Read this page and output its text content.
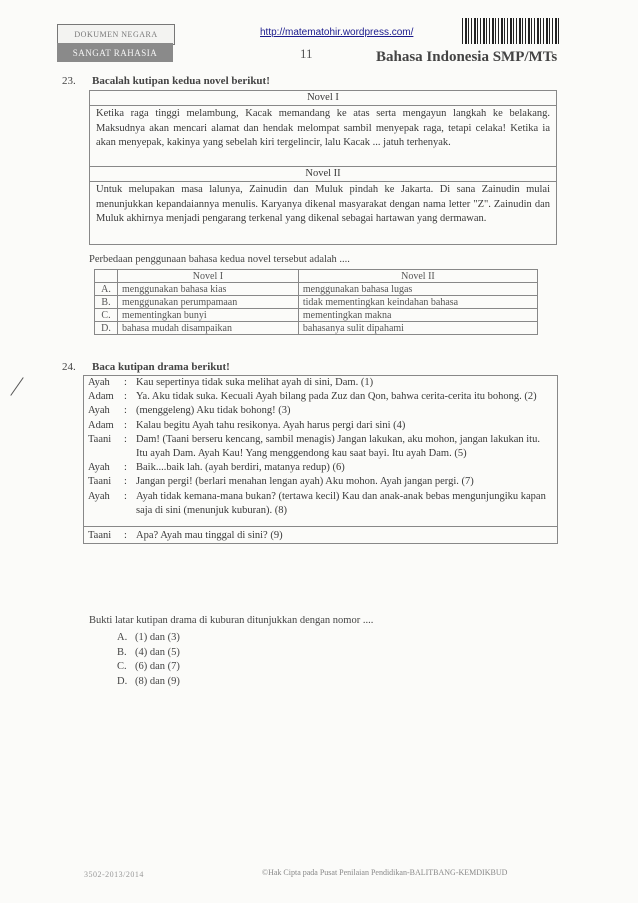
DOKUMEN NEGARA
SANGAT RAHASIA
http://matematohir.wordpress.com/
11	Bahasa Indonesia SMP/MTs
23. Bacalah kutipan kedua novel berikut!
Novel I
Ketika raga tinggi melambung, Kacak memandang ke atas serta mengayun langkah ke belakang. Maksudnya akan mencari alamat dan hendak melompat sambil menyepak raga, tetapi celaka! Ketika ia akan menyepak, kakinya yang sebelah kiri tergelincir, lalu Kacak ... jatuh terhenyak.
Novel II
Untuk melupakan masa lalunya, Zainudin dan Muluk pindah ke Jakarta. Di sana Zainudin mulai menunjukkan kepandaiannya menulis. Karyanya dikenal masyarakat dengan nama letter "Z". Zainudin dan Muluk akhirnya menjadi pengarang terkenal yang dikenal sebagai hartawan yang dermawan.
Perbedaan penggunaan bahasa kedua novel tersebut adalah ....
	Novel I	Novel II
A.	menggunakan bahasa kias	menggunakan bahasa lugas
B.	menggunakan perumpamaan	tidak mementingkan keindahan bahasa
C.	mementingkan bunyi	mementingkan makna
D.	bahasa mudah disampaikan	bahasanya sulit dipahami
24. Baca kutipan drama berikut!
Ayah	: Kau sepertinya tidak suka melihat ayah di sini, Dam. (1)
Adam : Ya. Aku tidak suka. Kecuali Ayah bilang pada Zuz dan Qon, bahwa cerita-cerita itu bohong. (2)
Ayah	: (menggeleng) Aku tidak bohong! (3)
Adam : Kalau begitu Ayah tahu resikonya. Ayah harus pergi dari sini (4)
Taani	: Dam! (Taani berseru kencang, sambil menagis) Jangan lakukan, aku mohon, jangan lakukan itu. Itu ayah Dam. Ayah Kau! Yang menggendong kau saat bayi. Itu ayah Dam. (5)
Ayah	: Baik....baik lah. (ayah berdiri, matanya redup) (6)
Taani	: Jangan pergi! (berlari menahan lengan ayah) Aku mohon. Ayah jangan pergi. (7)
Ayah	: Ayah tidak kemana-mana bukan? (tertawa kecil) Kau dan anak-anak bebas mengunjungiku kapan saja di sini (menunjuk kuburan). (8)
Taani	: Apa? Ayah mau tinggal di sini? (9)
Bukti latar kutipan drama di kuburan ditunjukkan dengan nomor ....
A. (1) dan (3)
B. (4) dan (5)
C. (6) dan (7)
D. (8) dan (9)
3502-2013/2014	©Hak Cipta pada Pusat Penilaian Pendidikan-BALITBANG-KEMDIKBUD
